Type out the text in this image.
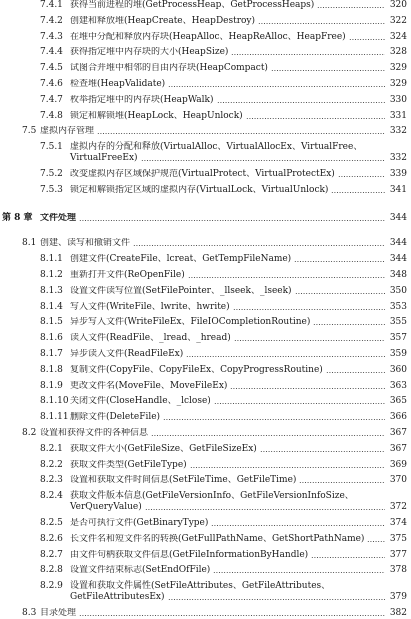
7.4.1 获得当前进程的堆(GetProcessHeap、GetProcessHeaps)	320
7.4.2 创建和释放堆(HeapCreate、HeapDestroy)	322
7.4.3 在堆中分配和释放内存块(HeapAlloc、HeapReAlloc、HeapFree)	324
7.4.4 获得指定堆中内存块的大小(HeapSize)	328
7.4.5 试图合并堆中相邻的自由内存块(HeapCompact)	329
7.4.6 检查堆(HeapValidate)	329
7.4.7 枚举指定堆中的内存块(HeapWalk)	330
7.4.8 锁定和解锁堆(HeapLock、HeapUnlock)	331
7.5 虚拟内存管理	332
7.5.1 虚拟内存的分配和释放(VirtualAlloc、VirtualAllocEx、VirtualFree、VirtualFreeEx)	332
7.5.2 改变虚拟内存区域保护规范(VirtualProtect、VirtualProtectEx)	339
7.5.3 锁定和解锁指定区域的虚拟内存(VirtualLock、VirtualUnlock)	341
第 8 章 文件处理	344
8.1 创建、读写和撤销文件	344
8.1.1 创建文件(CreateFile、lcreat、GetTempFileName)	344
8.1.2 重新打开文件(ReOpenFile)	348
8.1.3 设置文件读写位置(SetFilePointer、_llseek、_lseek)	350
8.1.4 写入文件(WriteFile、lwrite、hwrite)	353
8.1.5 异步写入文件(WriteFileEx、FileIOCompletionRoutine)	355
8.1.6 读入文件(ReadFile、_lread、_hread)	357
8.1.7 异步读入文件(ReadFileEx)	359
8.1.8 复制文件(CopyFile、CopyFileEx、CopyProgressRoutine)	360
8.1.9 更改文件名(MoveFile、MoveFileEx)	363
8.1.10 关闭文件(CloseHandle、_lclose)	365
8.1.11 删除文件(DeleteFile)	366
8.2 设置和获得文件的各种信息	367
8.2.1 获取文件大小(GetFileSize、GetFileSizeEx)	367
8.2.2 获取文件类型(GetFileType)	369
8.2.3 设置和获取文件时间信息(SetFileTime、GetFileTime)	370
8.2.4 获取文件版本信息(GetFileVersionInfo、GetFileVersionInfoSize、VerQueryValue)	372
8.2.5 是否可执行文件(GetBinaryType)	374
8.2.6 长文件名和短文件名的转换(GetFullPathName、GetShortPathName)	375
8.2.7 由文件句柄获取文件信息(GetFileInformationByHandle)	377
8.2.8 设置文件结束标志(SetEndOfFile)	378
8.2.9 设置和获取文件属性(SetFileAttributes、GetFileAttributes、GetFileAttributesEx)	379
8.3 目录处理	382
